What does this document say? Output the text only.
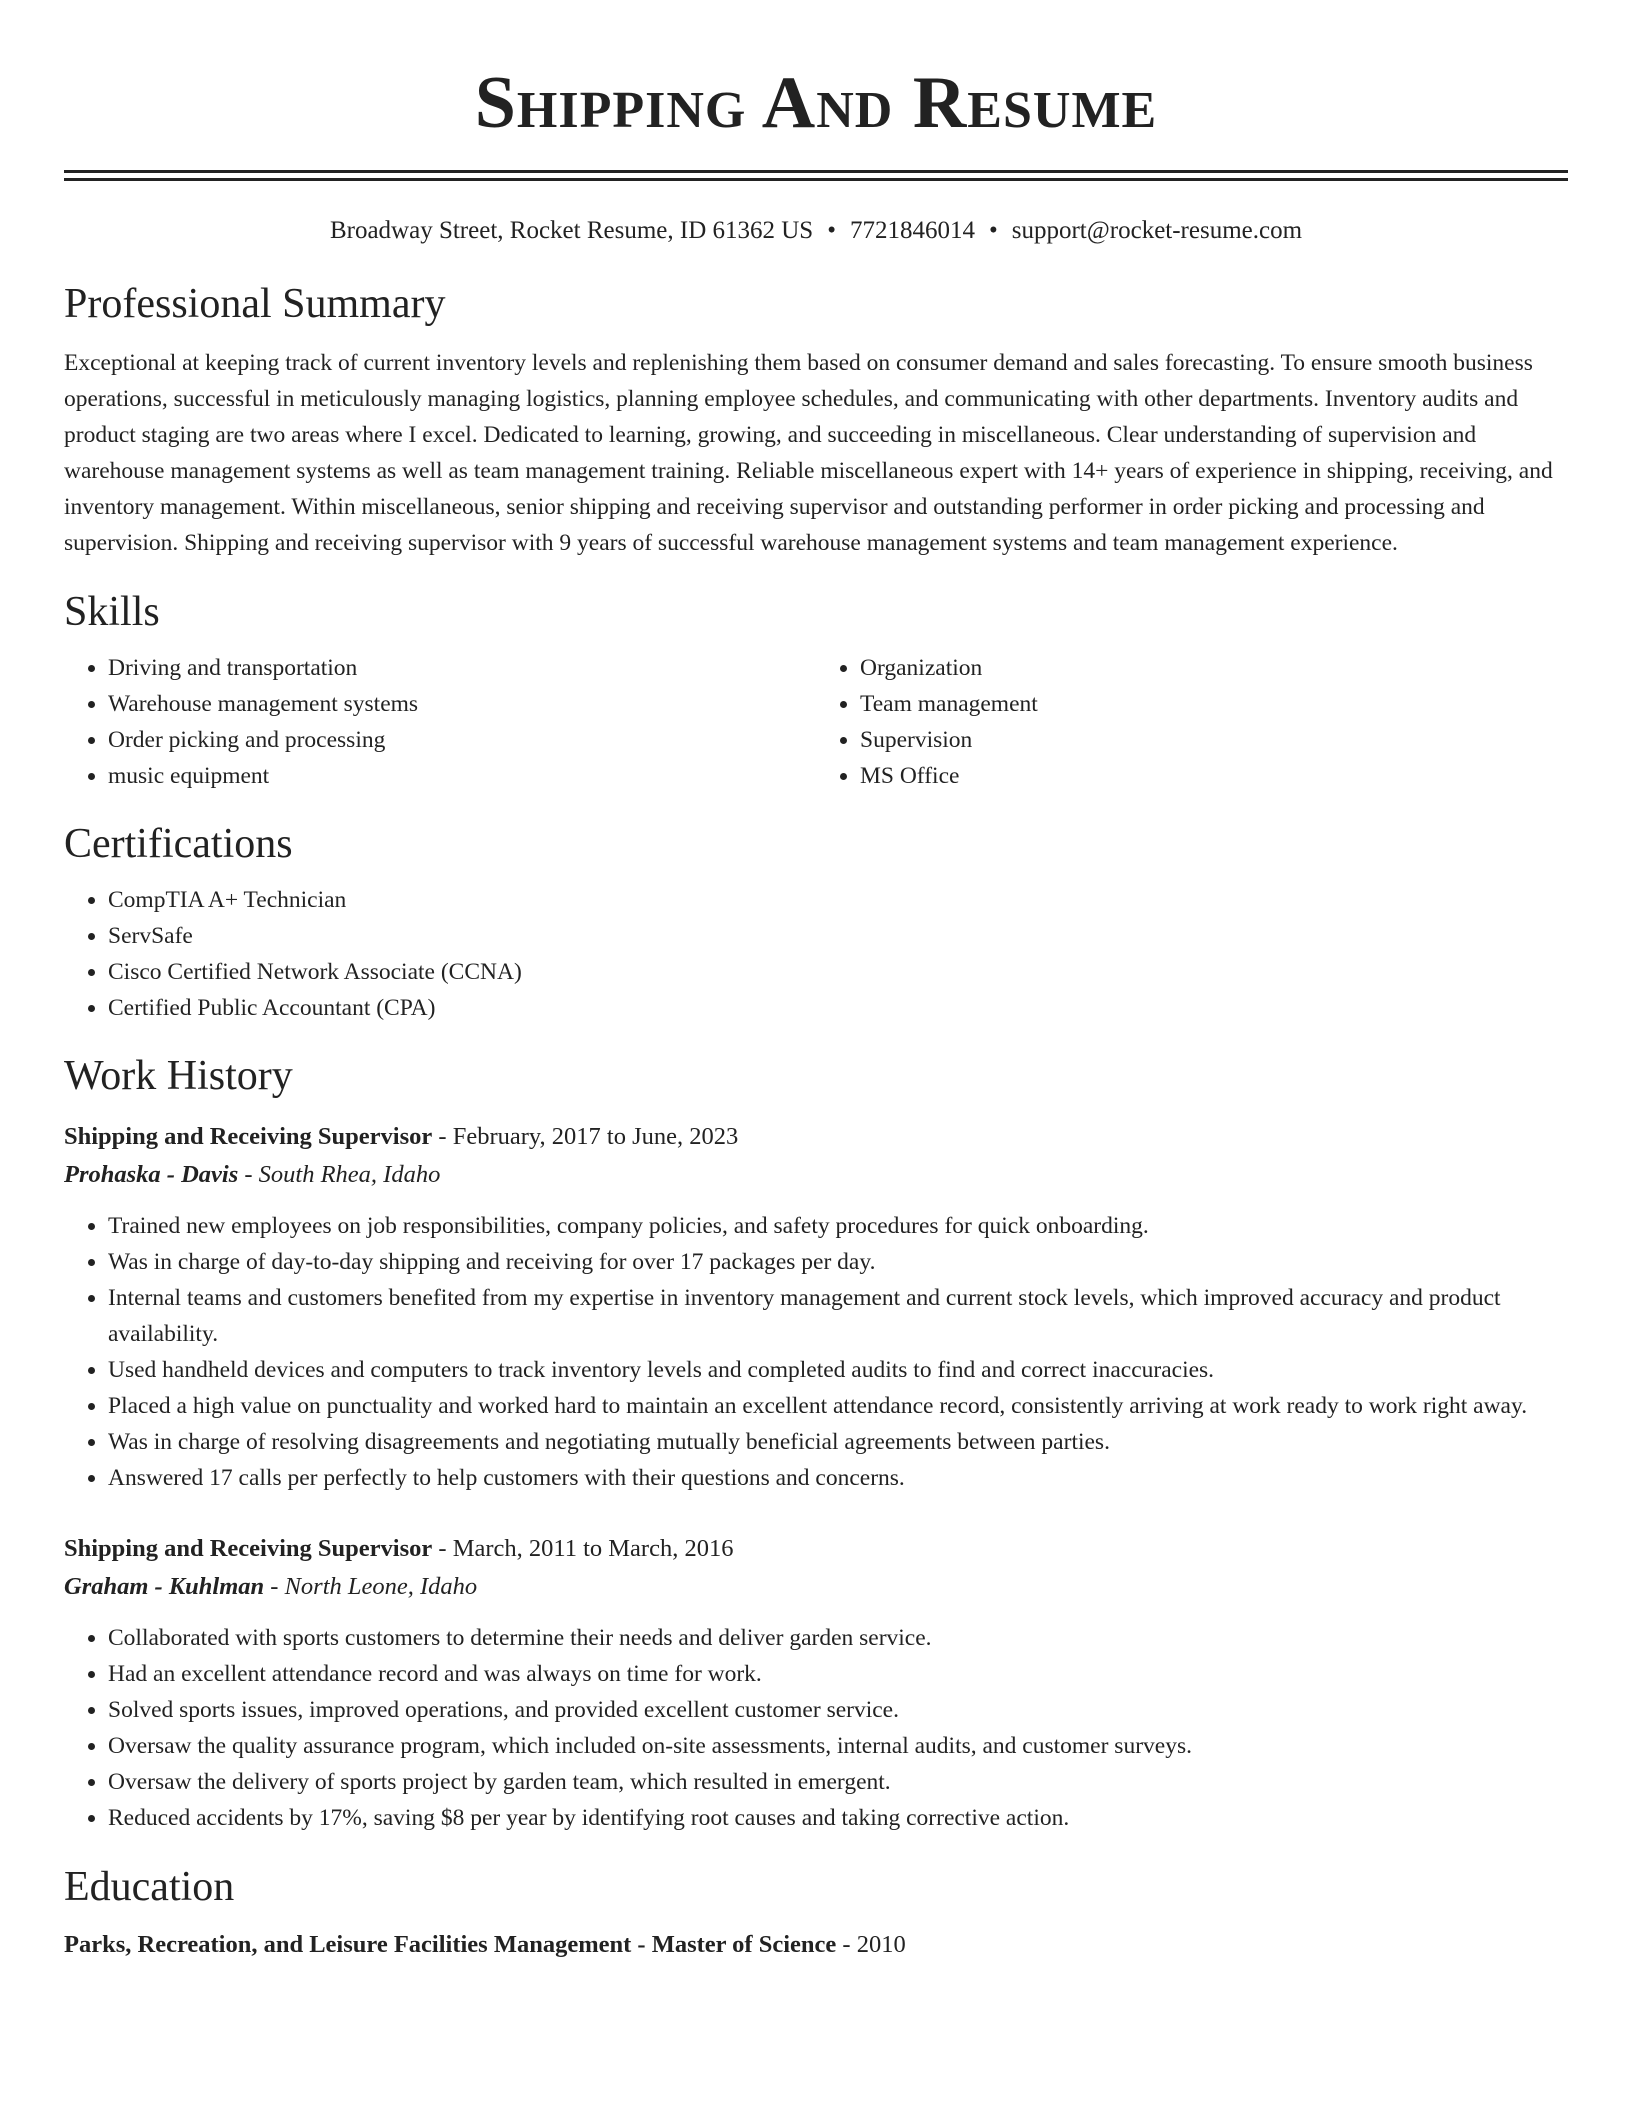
Shipping And Resume
Broadway Street, Rocket Resume, ID 61362 US • 7721846014 • support@rocket-resume.com
Professional Summary

Exceptional at keeping track of current inventory levels and replenishing them based on consumer demand and sales forecasting. To ensure smooth business operations, successful in meticulously managing logistics, planning employee schedules, and communicating with other departments. Inventory audits and product staging are two areas where I excel. Dedicated to learning, growing, and succeeding in miscellaneous. Clear understanding of supervision and warehouse management systems as well as team management training. Reliable miscellaneous expert with 14+ years of experience in shipping, receiving, and inventory management. Within miscellaneous, senior shipping and receiving supervisor and outstanding performer in order picking and processing and supervision. Shipping and receiving supervisor with 9 years of successful warehouse management systems and team management experience.

Skills
• Driving and transportation
• Warehouse management systems
• Order picking and processing
• music equipment
• Organization
• Team management
• Supervision
• MS Office
Certifications
• CompTIA A+ Technician
• ServSafe
• Cisco Certified Network Associate (CCNA)
• Certified Public Accountant (CPA)
Work History
Shipping and Receiving Supervisor - February, 2017 to June, 2023
Prohaska - Davis - South Rhea, Idaho
• Trained new employees on job responsibilities, company policies, and safety procedures for quick onboarding.
• Was in charge of day-to-day shipping and receiving for over 17 packages per day.
• Internal teams and customers benefited from my expertise in inventory management and current stock levels, which improved accuracy and product availability.
• Used handheld devices and computers to track inventory levels and completed audits to find and correct inaccuracies.
• Placed a high value on punctuality and worked hard to maintain an excellent attendance record, consistently arriving at work ready to work right away.
• Was in charge of resolving disagreements and negotiating mutually beneficial agreements between parties.
• Answered 17 calls per perfectly to help customers with their questions and concerns.
Shipping and Receiving Supervisor - March, 2011 to March, 2016
Graham - Kuhlman - North Leone, Idaho
• Collaborated with sports customers to determine their needs and deliver garden service.
• Had an excellent attendance record and was always on time for work.
• Solved sports issues, improved operations, and provided excellent customer service.
• Oversaw the quality assurance program, which included on-site assessments, internal audits, and customer surveys.
• Oversaw the delivery of sports project by garden team, which resulted in emergent.
• Reduced accidents by 17%, saving $8 per year by identifying root causes and taking corrective action.
Education
Parks, Recreation, and Leisure Facilities Management - Master of Science - 2010
